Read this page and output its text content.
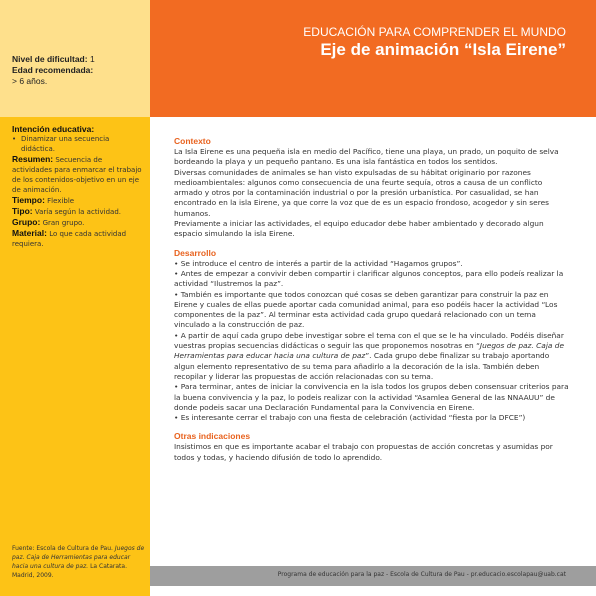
EDUCACIÓN PARA COMPRENDER EL MUNDO
Eje de animación “Isla Eirene”
Nivel de dificultad: 1
Edad recomendada:
> 6 años.
Intención educativa:
• Dinamizar una secuencia didáctica.
Resumen: Secuencia de actividades para enmarcar el trabajo de los contenidos-objetivo en un eje de animación.
Tiempo: Flexible
Tipo: Varía según la actividad.
Grupo: Gran grupo.
Material: Lo que cada actividad requiera.
Fuente: Escola de Cultura de Pau. Juegos de paz. Caja de Herramientas para educar hacia una cultura de paz. La Catarata. Madrid, 2009.
Contexto

La Isla Eirene es una pequeña isla en medio del Pacífico, tiene una playa, un prado, un poquito de selva bordeando la playa y un pequeño pantano. Es una isla fantástica en todos los sentidos.

Diversas comunidades de animales se han visto expulsadas de su hábitat originario por razones medioambientales: algunos como consecuencia de una feurte sequía, otros a causa de un conflicto armado y otros por la contaminación industrial o por la presión urbanística. Por casualidad, se han encontrado en la isla Eirene, ya que corre la voz que de es un espacio frondoso, acogedor y sin seres humanos.

Previamente a iniciar las actividades, el equipo educador debe haber ambientado y decorado algun espacio simulando la isla Eirene.

Desarrollo

• Se introduce el centro de interés a partir de la actividad “Hagamos grupos”.

• Antes de empezar a convivir deben compartir i clarificar algunos conceptos, para ello podeís realizar la actividad “Ilustremos la paz”.

• También es importante que todos conozcan qué cosas se deben garantizar para construir la paz en Eirene y cuales de ellas puede aportar cada comunidad animal, para eso podéis hacer la actividad “Los componentes de la paz”. Al terminar esta actividad cada grupo quedará relacionado con un tema vinculado a la construcción de paz.

• A partir de aquí cada grupo debe investigar sobre el tema con el que se le ha vinculado. Podéis diseñar vuestras propias secuencias didácticas o seguir las que proponemos nosotras en “Juegos de paz. Caja de Herramientas para educar hacia una cultura de paz”. Cada grupo debe finalizar su trabajo aportando algun elemento representativo de su tema para añadirlo a la decoración de la isla. También deben recopilar y liderar las propuestas de acción relacionadas con su tema.

• Para terminar, antes de iniciar la convivencia en la isla todos los grupos deben consensuar criterios para la buena convivencia y la paz, lo podeis realizar con la actividad “Asamlea General de las NNAAUU” de donde podeis sacar una Declaración Fundamental para la Convivencia en Eirene.

• Es interesante cerrar el trabajo con una fiesta de celebración (actividad “fiesta por la DFCE”)

Otras indicaciones

Insistimos en que es importante acabar el trabajo con propuestas de acción concretas y asumidas por todos y todas, y haciendo difusión de todo lo aprendido.

Programa de educación para la paz - Escola de Cultura de Pau - pr.educacio.escolapau@uab.cat
